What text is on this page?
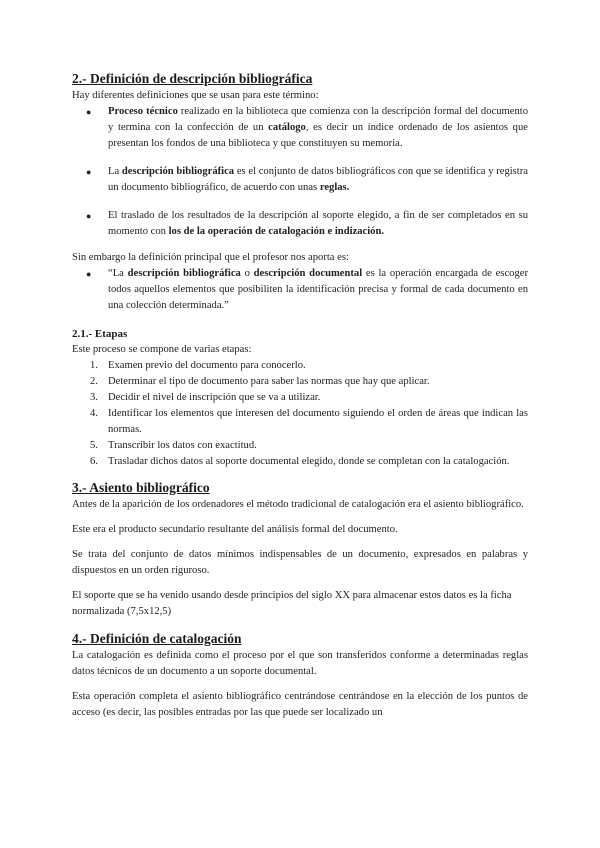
2.- Definición de descripción bibliográfica

Hay diferentes definiciones que se usan para este término:

● Proceso técnico realizado en la biblioteca que comienza con la descripción formal del documento y termina con la confección de un catálogo, es decir un índice ordenado de los asientos que presentan los fondos de una biblioteca y que constituyen su memoria.
● La descripción bibliográfica es el conjunto de datos bibliográficos con que se identifica y registra un documento bibliográfico, de acuerdo con unas reglas.
● El traslado de los resultados de la descripción al soporte elegido, a fin de ser completados en su momento con los de la operación de catalogación e indización.

Sin embargo la definición principal que el profesor nos aporta es:

● “La descripción bibliográfica o descripción documental es la operación encargada de escoger todos aquellos elementos que posibiliten la identificación precisa y formal de cada documento en una colección determinada.”
2.1.- Etapas

Este proceso se compone de varias etapas:

1. Examen previo del documento para conocerlo.
2. Determinar el tipo de documento para saber las normas que hay que aplicar.
3. Decidir el nivel de inscripción que se va a utilizar.
4. Identificar los elementos que interesen del documento siguiendo el orden de áreas que indican las normas.
5. Transcribir los datos con exactitud.
6. Trasladar dichos datos al soporte documental elegido, donde se completan con la catalogación.
3.- Asiento bibliográfico

Antes de la aparición de los ordenadores el método tradicional de catalogación era el asiento bibliográfico.

Este era el producto secundario resultante del análisis formal del documento.

Se trata del conjunto de datos mínimos indispensables de un documento, expresados en palabras y dispuestos en un orden riguroso.

El soporte que se ha venido usando desde principios del siglo XX para almacenar estos datos es la ficha normalizada (7,5x12,5)

4.- Definición de catalogación

La catalogación es definida como el proceso por el que son transferidos conforme a determinadas reglas datos técnicos de un documento a un soporte documental.

Esta operación completa el asiento bibliográfico centrándose centrándose en la elección de los puntos de acceso (es decir, las posibles entradas por las que puede ser localizado un
